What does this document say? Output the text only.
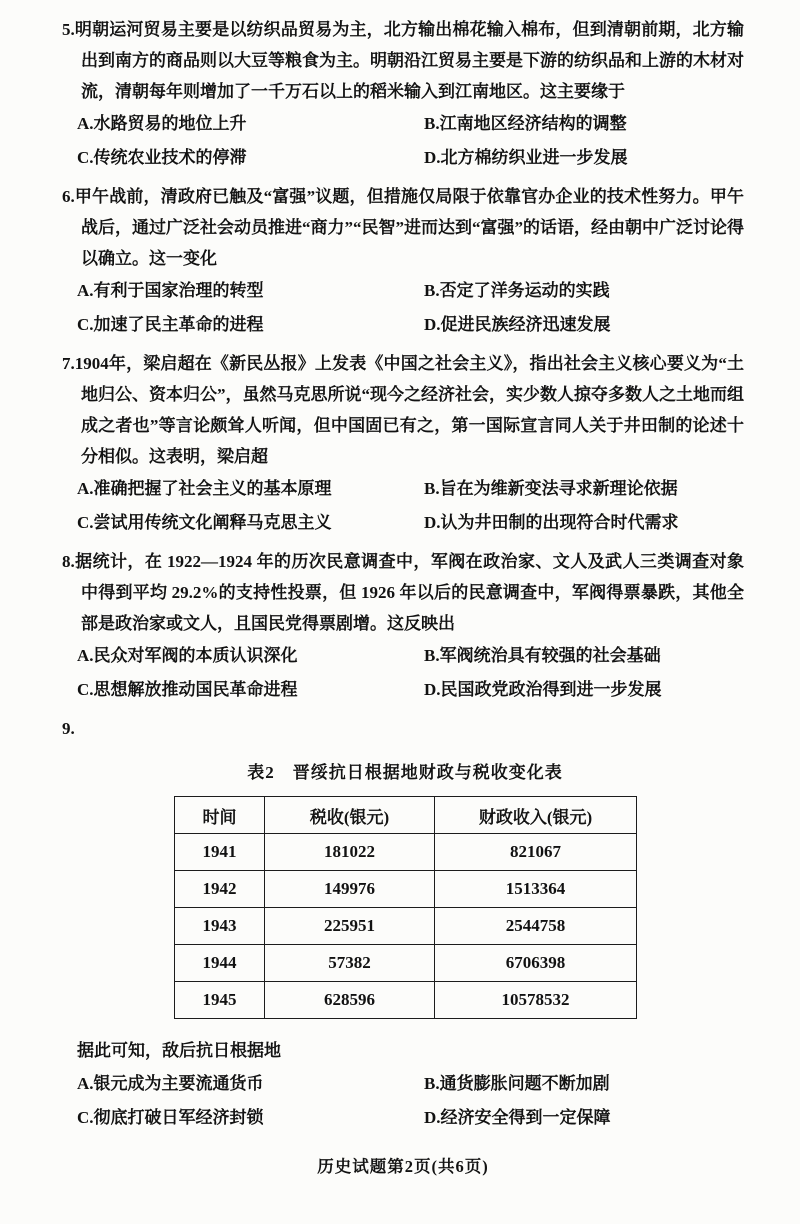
5.明朝运河贸易主要是以纺织品贸易为主，北方输出棉花输入棉布，但到清朝前期，北方输出到南方的商品则以大豆等粮食为主。明朝沿江贸易主要是下游的纺织品和上游的木材对流，清朝每年则增加了一千万石以上的稻米输入到江南地区。这主要缘于

A.水路贸易的地位上升	B.江南地区经济结构的调整
C.传统农业技术的停滞	D.北方棉纺织业进一步发展

6.甲午战前，清政府已触及“富强”议题，但措施仅局限于依靠官办企业的技术性努力。甲午战后，通过广泛社会动员推进“商力”“民智”进而达到“富强”的话语，经由朝中广泛讨论得以确立。这一变化

A.有利于国家治理的转型	B.否定了洋务运动的实践
C.加速了民主革命的进程	D.促进民族经济迅速发展

7.1904年，梁启超在《新民丛报》上发表《中国之社会主义》，指出社会主义核心要义为“土地归公、资本归公”，虽然马克思所说“现今之经济社会，实少数人掠夺多数人之土地而组成之者也”等言论颇耸人听闻，但中国固已有之，第一国际宣言同人关于井田制的论述十分相似。这表明，梁启超

A.准确把握了社会主义的基本原理	B.旨在为维新变法寻求新理论依据
C.尝试用传统文化阐释马克思主义	D.认为井田制的出现符合时代需求

8.据统计，在 1922—1924 年的历次民意调查中，军阀在政治家、文人及武人三类调查对象中得到平均 29.2%的支持性投票，但 1926 年以后的民意调查中，军阀得票暴跌，其他全部是政治家或文人，且国民党得票剧增。这反映出

A.民众对军阀的本质认识深化	B.军阀统治具有较强的社会基础
C.思想解放推动国民革命进程	D.民国政党政治得到进一步发展

9.

表2　晋绥抗日根据地财政与税收变化表
时间	税收(银元)	财政收入(银元)
1941	181022	821067
1942	149976	1513364
1943	225951	2544758
1944	57382	6706398
1945	628596	10578532

据此可知，敌后抗日根据地

A.银元成为主要流通货币	B.通货膨胀问题不断加剧
C.彻底打破日军经济封锁	D.经济安全得到一定保障
历史试题第2页(共6页)
